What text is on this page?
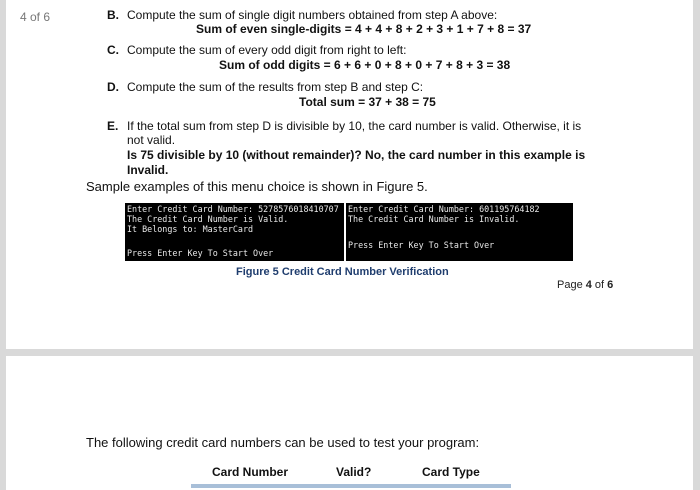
4 of 6	B. Compute the sum of single digit numbers obtained from step A above:
Sum of even single-digits = 4 + 4 + 8 + 2 + 3 + 1 + 7 + 8 = 37
C. Compute the sum of every odd digit from right to left:
Sum of odd digits = 6 + 6 + 0 + 8 + 0 + 7 + 8 + 3 = 38
D. Compute the sum of the results from step B and step C:
Total sum = 37 + 38 = 75
E. If the total sum from step D is divisible by 10, the card number is valid. Otherwise, it is
not valid.
Is 75 divisible by 10 (without remainder)? No, the card number in this example is
Invalid.
Sample examples of this menu choice is shown in Figure 5.
Enter Credit Card Number: 5278576018410707
The Credit Card Number is Valid.
It Belongs to: MasterCard
Press Enter Key To Start Over
Enter Credit Card Number: 601195764182
The Credit Card Number is Invalid.
Press Enter Key To Start Over
Figure 5 Credit Card Number Verification
Page 4 of 6
The following credit card numbers can be used to test your program:
Card Number	Valid?	Card Type
